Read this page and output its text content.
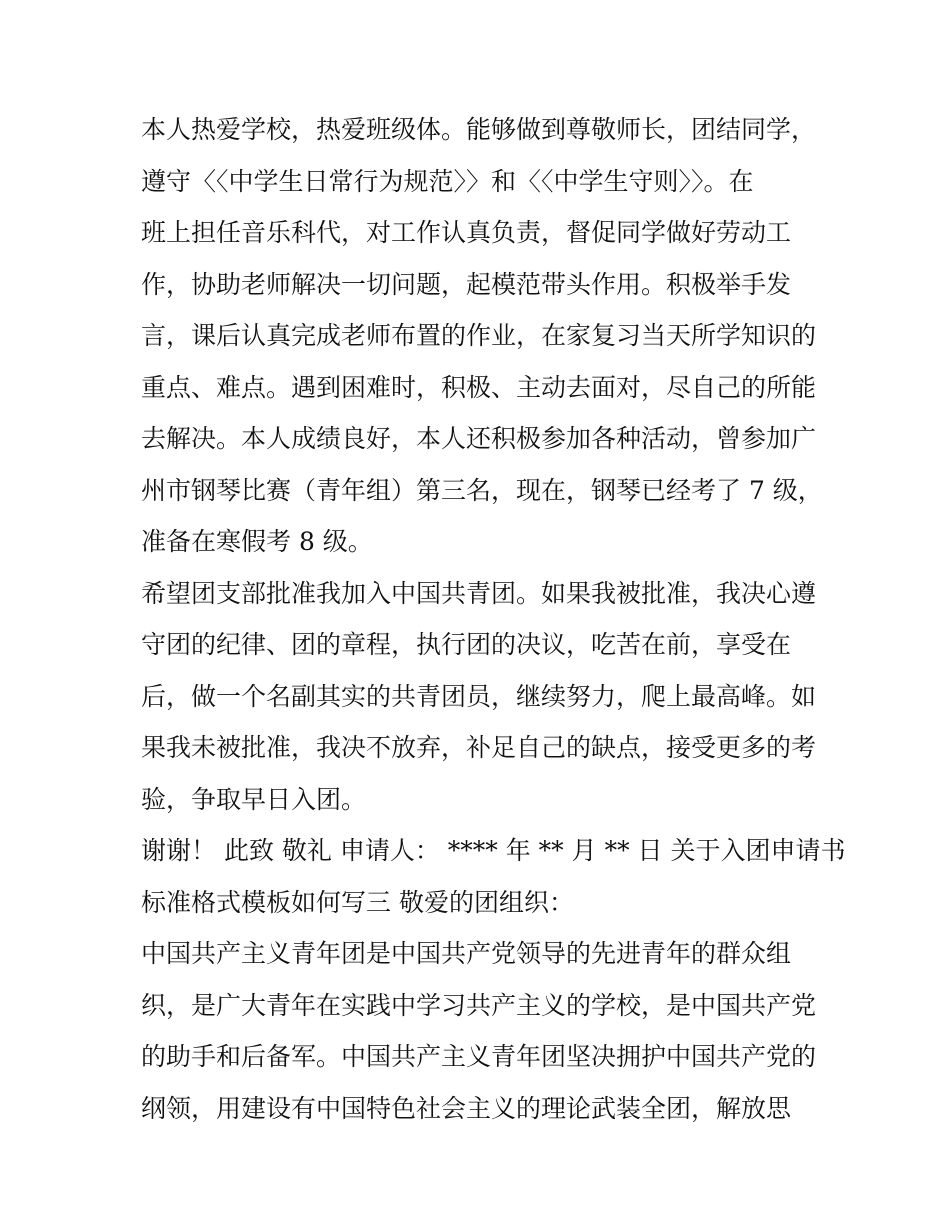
本人热爱学校，热爱班级体。能够做到尊敬师长，团结同学，
遵守〈〈中学生日常行为规范〉〉和〈〈中学生守则〉〉。在
班上担任音乐科代，对工作认真负责，督促同学做好劳动工
作，协助老师解决一切问题，起模范带头作用。积极举手发
言，课后认真完成老师布置的作业，在家复习当天所学知识的
重点、难点。遇到困难时，积极、主动去面对，尽自己的所能
去解决。本人成绩良好，本人还积极参加各种活动，曾参加广
州市钢琴比赛（青年组）第三名，现在，钢琴已经考了 7 级，
准备在寒假考 8 级。
希望团支部批准我加入中国共青团。如果我被批准，我决心遵
守团的纪律、团的章程，执行团的决议，吃苦在前，享受在
后，做一个名副其实的共青团员，继续努力，爬上最高峰。如
果我未被批准，我决不放弃，补足自己的缺点，接受更多的考
验，争取早日入团。
谢谢！ 此致 敬礼 申请人： **** 年 ** 月 ** 日 关于入团申请书
标准格式模板如何写三 敬爱的团组织：
中国共产主义青年团是中国共产党领导的先进青年的群众组
织，是广大青年在实践中学习共产主义的学校，是中国共产党
的助手和后备军。中国共产主义青年团坚决拥护中国共产党的
纲领，用建设有中国特色社会主义的理论武装全团，解放思
